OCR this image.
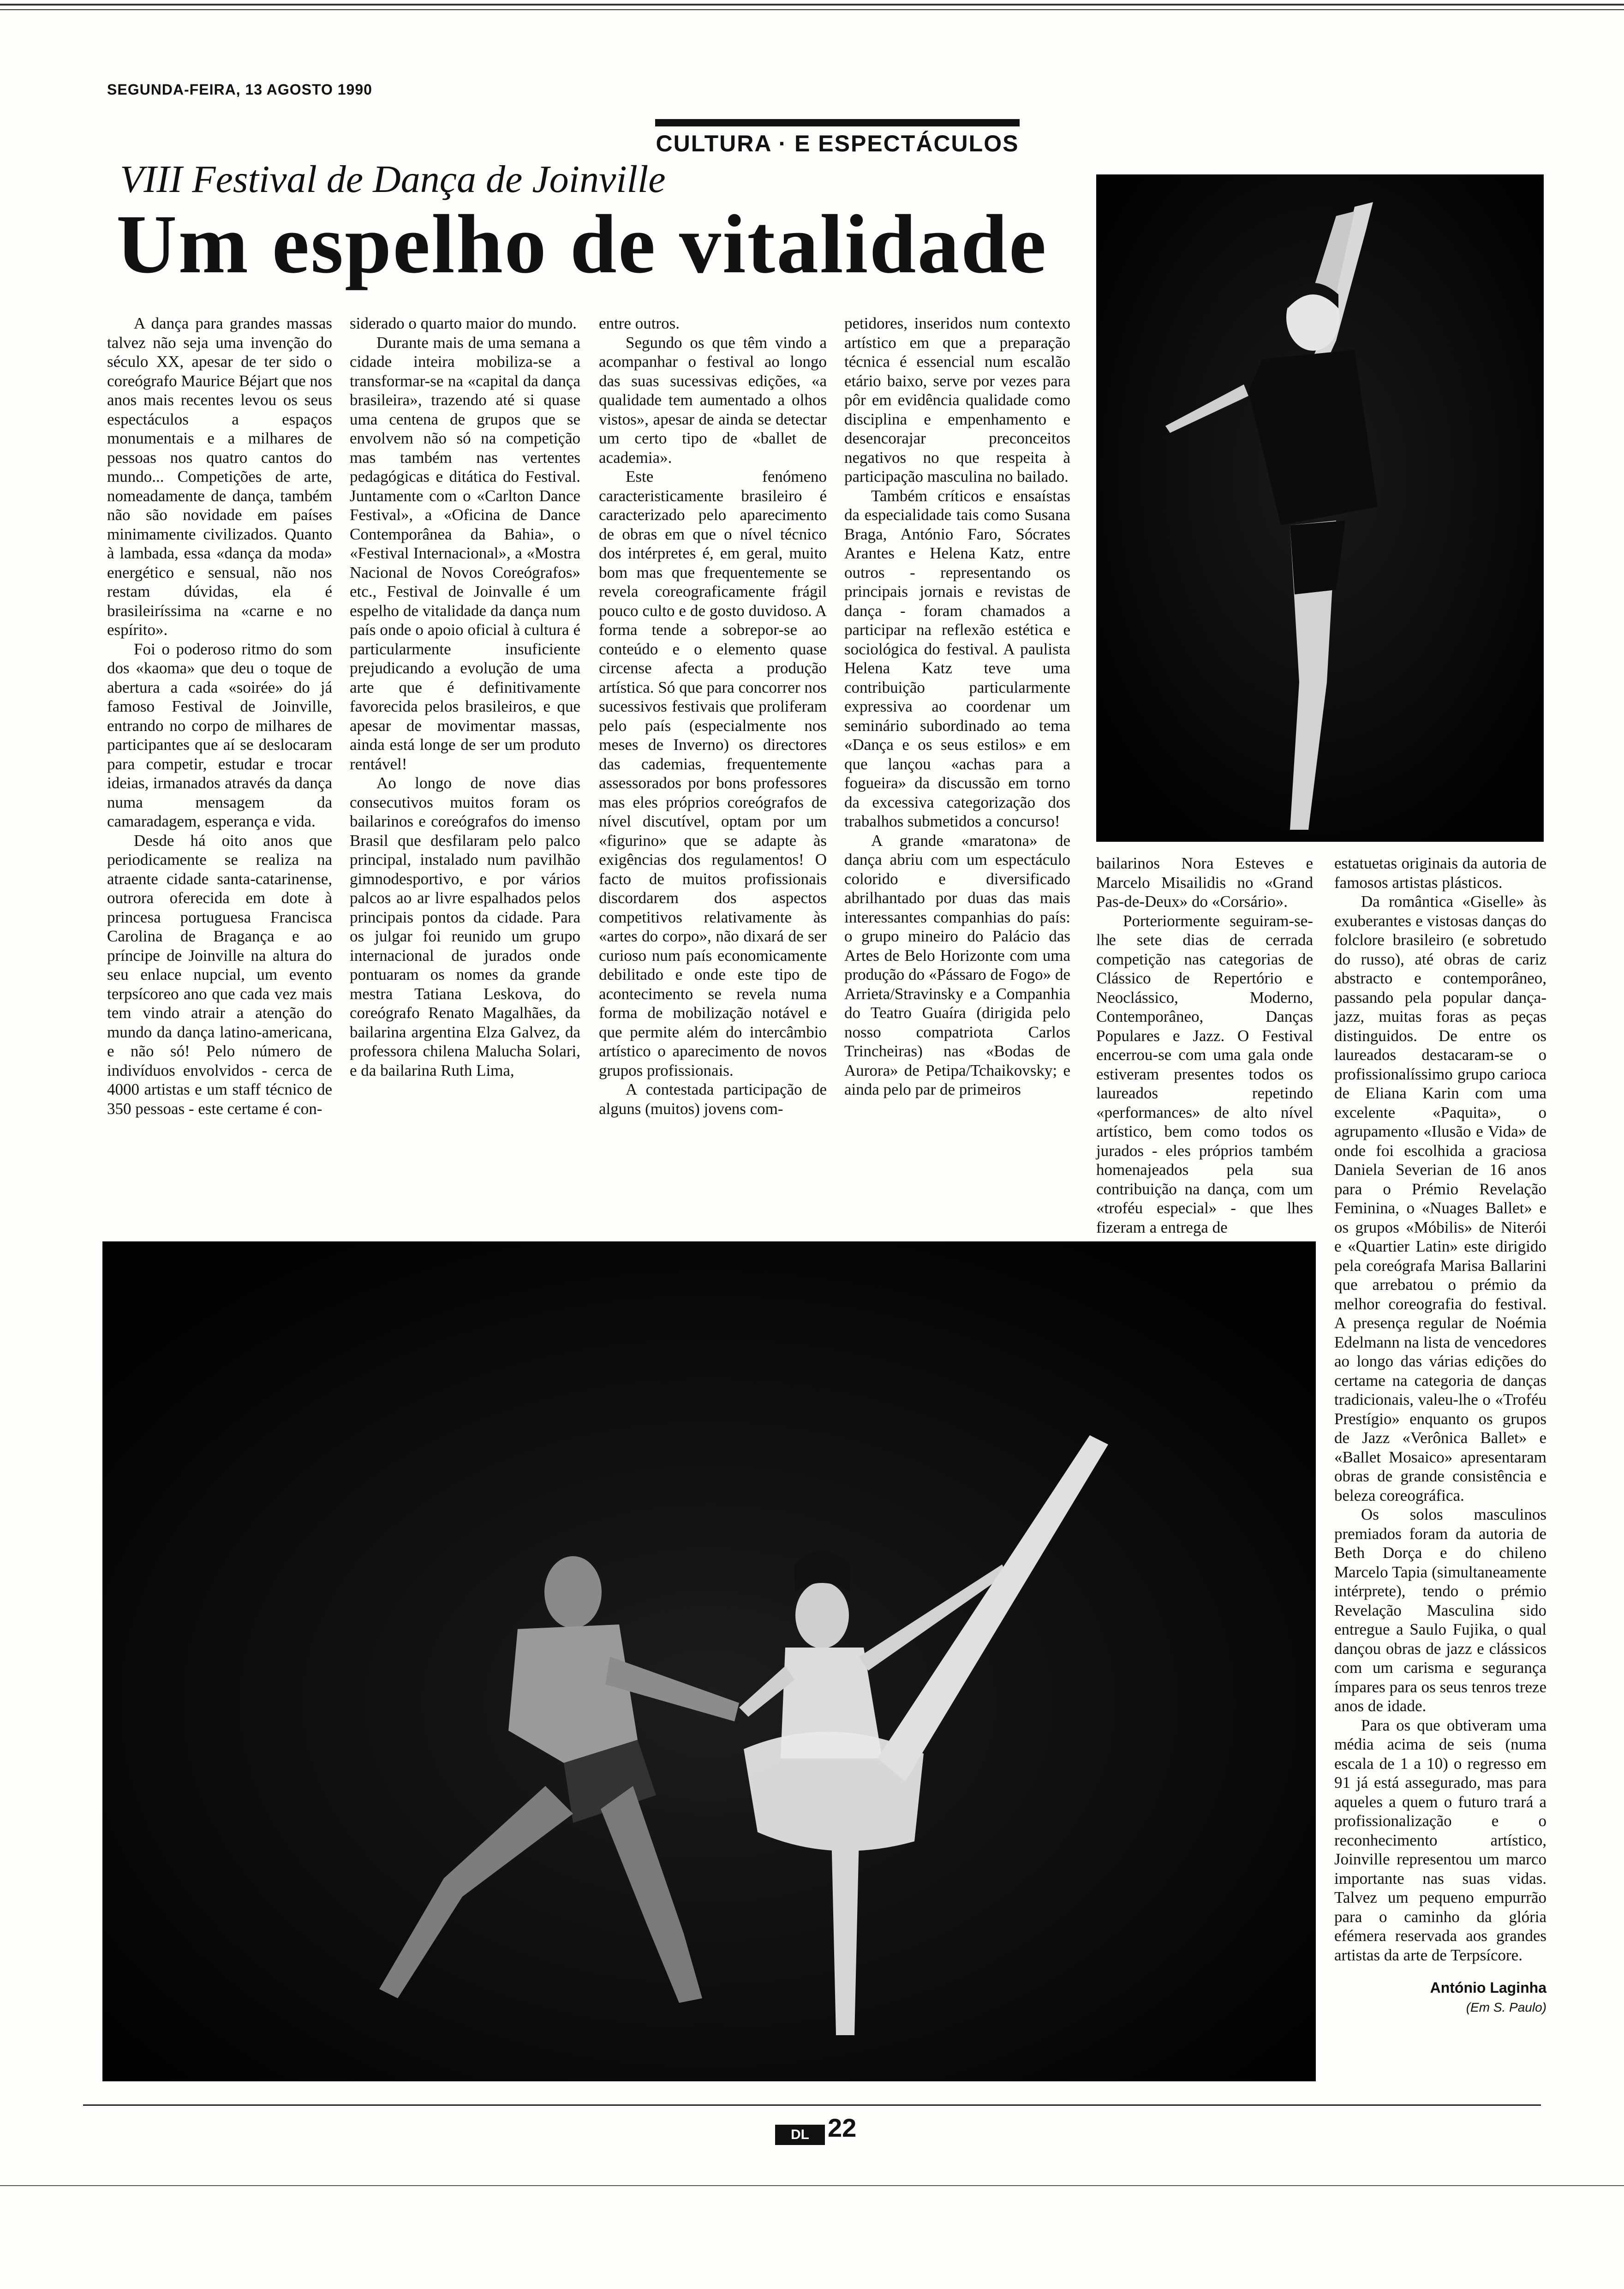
SEGUNDA-FEIRA, 13 AGOSTO 1990
CULTURA · E ESPECTÁCULOS
VIII Festival de Dança de Joinville
Um espelho de vitalidade

A dança para grandes massas talvez não seja uma invenção do século XX, apesar de ter sido o coreógrafo Maurice Béjart que nos anos mais recentes levou os seus espectáculos a espaços monumentais e a milhares de pessoas nos quatro cantos do mundo... Competições de arte, nomeadamente de dança, também não são novidade em países minimamente civilizados. Quanto à lambada, essa «dança da moda» energético e sensual, não nos restam dúvidas, ela é brasileiríssima na «carne e no espírito».

Foi o poderoso ritmo do som dos «kaoma» que deu o toque de abertura a cada «soirée» do já famoso Festival de Joinville, entrando no corpo de milhares de participantes que aí se deslocaram para competir, estudar e trocar ideias, irmanados através da dança numa mensagem da camaradagem, esperança e vida.

Desde há oito anos que periodicamente se realiza na atraente cidade santa-catarinense, outrora oferecida em dote à princesa portuguesa Francisca Carolina de Bragança e ao príncipe de Joinville na altura do seu enlace nupcial, um evento terpsícoreo ano que cada vez mais tem vindo atrair a atenção do mundo da dança latino-americana, e não só! Pelo número de indivíduos envolvidos - cerca de 4000 artistas e um staff técnico de 350 pessoas - este certame é con-

siderado o quarto maior do mundo.

Durante mais de uma semana a cidade inteira mobiliza-se a transformar-se na «capital da dança brasileira», trazendo até si quase uma centena de grupos que se envolvem não só na competição mas também nas vertentes pedagógicas e ditática do Festival. Juntamente com o «Carlton Dance Festival», a «Oficina de Dance Contemporânea da Bahia», o «Festival Internacional», a «Mostra Nacional de Novos Coreógrafos» etc., Festival de Joinvalle é um espelho de vitalidade da dança num país onde o apoio oficial à cultura é particularmente insuficiente prejudicando a evolução de uma arte que é definitivamente favorecida pelos brasileiros, e que apesar de movimentar massas, ainda está longe de ser um produto rentável!

Ao longo de nove dias consecutivos muitos foram os bailarinos e coreógrafos do imenso Brasil que desfilaram pelo palco principal, instalado num pavilhão gimnodesportivo, e por vários palcos ao ar livre espalhados pelos principais pontos da cidade. Para os julgar foi reunido um grupo internacional de jurados onde pontuaram os nomes da grande mestra Tatiana Leskova, do coreógrafo Renato Magalhães, da bailarina argentina Elza Galvez, da professora chilena Malucha Solari, e da bailarina Ruth Lima,

entre outros.

Segundo os que têm vindo a acompanhar o festival ao longo das suas sucessivas edições, «a qualidade tem aumentado a olhos vistos», apesar de ainda se detectar um certo tipo de «ballet de academia».

Este fenómeno caracteristicamente brasileiro é caracterizado pelo aparecimento de obras em que o nível técnico dos intérpretes é, em geral, muito bom mas que frequentemente se revela coreograficamente frágil pouco culto e de gosto duvidoso. A forma tende a sobrepor-se ao conteúdo e o elemento quase circense afecta a produção artística. Só que para concorrer nos sucessivos festivais que proliferam pelo país (especialmente nos meses de Inverno) os directores das cademias, frequentemente assessorados por bons professores mas eles próprios coreógrafos de nível discutível, optam por um «figurino» que se adapte às exigências dos regulamentos! O facto de muitos profissionais discordarem dos aspectos competitivos relativamente às «artes do corpo», não dixará de ser curioso num país economicamente debilitado e onde este tipo de acontecimento se revela numa forma de mobilização notável e que permite além do intercâmbio artístico o aparecimento de novos grupos profissionais.

A contestada participação de alguns (muitos) jovens com-

petidores, inseridos num contexto artístico em que a preparação técnica é essencial num escalão etário baixo, serve por vezes para pôr em evidência qualidade como disciplina e empenhamento e desencorajar preconceitos negativos no que respeita à participação masculina no bailado.

Também críticos e ensaístas da especialidade tais como Susana Braga, António Faro, Sócrates Arantes e Helena Katz, entre outros - representando os principais jornais e revistas de dança - foram chamados a participar na reflexão estética e sociológica do festival. A paulista Helena Katz teve uma contribuição particularmente expressiva ao coordenar um seminário subordinado ao tema «Dança e os seus estilos» e em que lançou «achas para a fogueira» da discussão em torno da excessiva categorização dos trabalhos submetidos a concurso!

A grande «maratona» de dança abriu com um espectáculo colorido e diversificado abrilhantado por duas das mais interessantes companhias do país: o grupo mineiro do Palácio das Artes de Belo Horizonte com uma produção do «Pássaro de Fogo» de Arrieta/Stravinsky e a Companhia do Teatro Guaíra (dirigida pelo nosso compatriota Carlos Trincheiras) nas «Bodas de Aurora» de Petipa/Tchaikovsky; e ainda pelo par de primeiros

bailarinos Nora Esteves e Marcelo Misailidis no «Grand Pas-de-Deux» do «Corsário».

Porteriormente seguiram-se-lhe sete dias de cerrada competição nas categorias de Clássico de Repertório e Neoclássico, Moderno, Contemporâneo, Danças Populares e Jazz. O Festival encerrou-se com uma gala onde estiveram presentes todos os laureados repetindo «performances» de alto nível artístico, bem como todos os jurados - eles próprios também homenajeados pela sua contribuição na dança, com um «troféu especial» - que lhes fizeram a entrega de

estatuetas originais da autoria de famosos artistas plásticos.

Da romântica «Giselle» às exuberantes e vistosas danças do folclore brasileiro (e sobretudo do russo), até obras de cariz abstracto e contemporâneo, passando pela popular dança-jazz, muitas foras as peças distinguidos. De entre os laureados destacaram-se o profissionalíssimo grupo carioca de Eliana Karin com uma excelente «Paquita», o agrupamento «Ilusão e Vida» de onde foi escolhida a graciosa Daniela Severian de 16 anos para o Prémio Revelação Feminina, o «Nuages Ballet» e os grupos «Móbilis» de Niterói e «Quartier Latin» este dirigido pela coreógrafa Marisa Ballarini que arrebatou o prémio da melhor coreografia do festival. A presença regular de Noémia Edelmann na lista de vencedores ao longo das várias edições do certame na categoria de danças tradicionais, valeu-lhe o «Troféu Prestígio» enquanto os grupos de Jazz «Verônica Ballet» e «Ballet Mosaico» apresentaram obras de grande consistência e beleza coreográfica.

Os solos masculinos premiados foram da autoria de Beth Dorça e do chileno Marcelo Tapia (simultaneamente intérprete), tendo o prémio Revelação Masculina sido entregue a Saulo Fujika, o qual dançou obras de jazz e clássicos com um carisma e segurança ímpares para os seus tenros treze anos de idade.

Para os que obtiveram uma média acima de seis (numa escala de 1 a 10) o regresso em 91 já está assegurado, mas para aqueles a quem o futuro trará a profissionalização e o reconhecimento artístico, Joinville representou um marco importante nas suas vidas. Talvez um pequeno empurrão para o caminho da glória efémera reservada aos grandes artistas da arte de Terpsícore.

António Laginha
(Em S. Paulo)
DL 22
